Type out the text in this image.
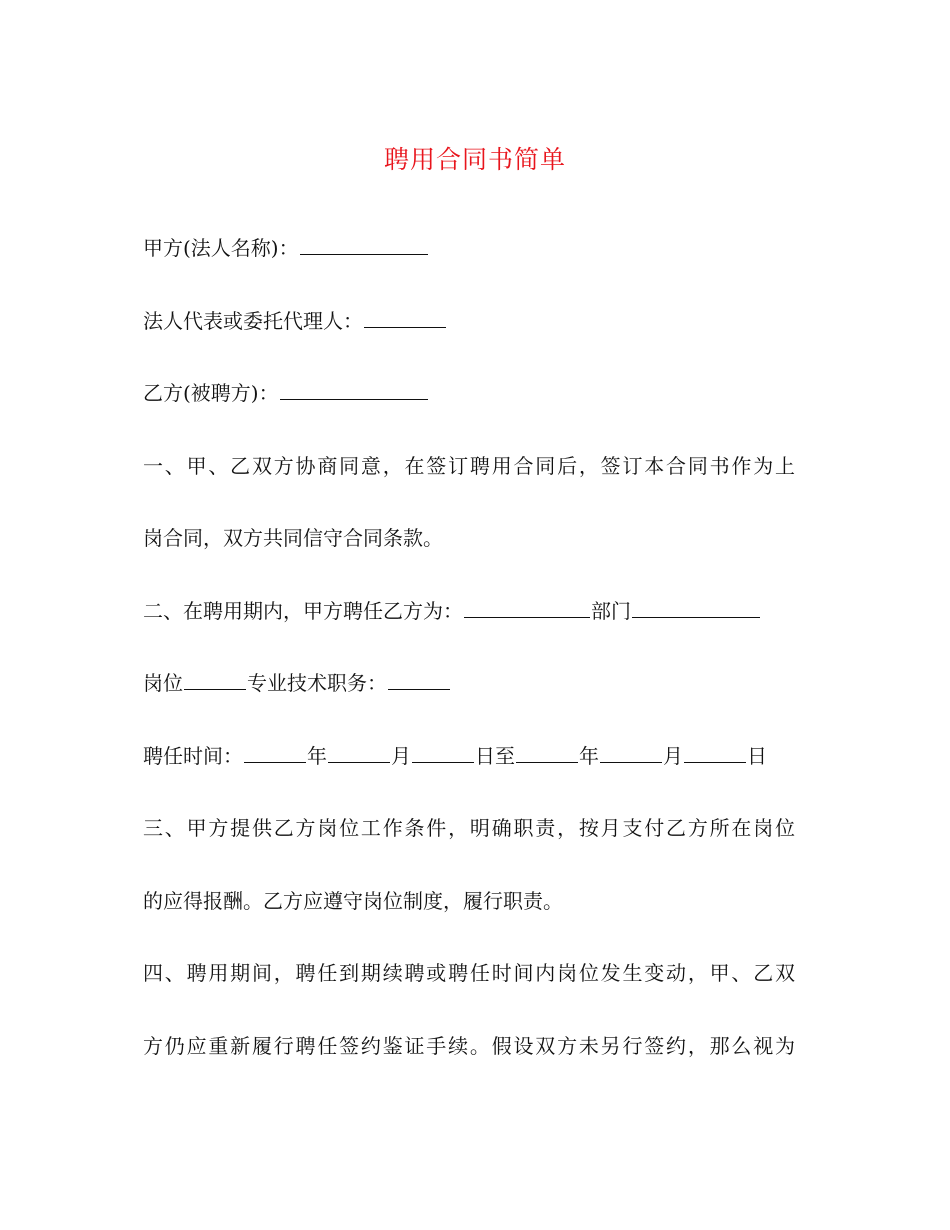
聘用合同书简单
甲方(法人名称)：
法人代表或委托代理人：
乙方(被聘方)：
一、甲、乙双方协商同意，在签订聘用合同后，签订本合同书作为上
岗合同，双方共同信守合同条款。
二、在聘用期内，甲方聘任乙方为：	部门
岗位	专业技术职务：
聘任时间：	年	月	日至	年	月	日
三、甲方提供乙方岗位工作条件，明确职责，按月支付乙方所在岗位
的应得报酬。乙方应遵守岗位制度，履行职责。
四、聘用期间，聘任到期续聘或聘任时间内岗位发生变动，甲、乙双
方仍应重新履行聘任签约鉴证手续。假设双方未另行签约，那么视为
